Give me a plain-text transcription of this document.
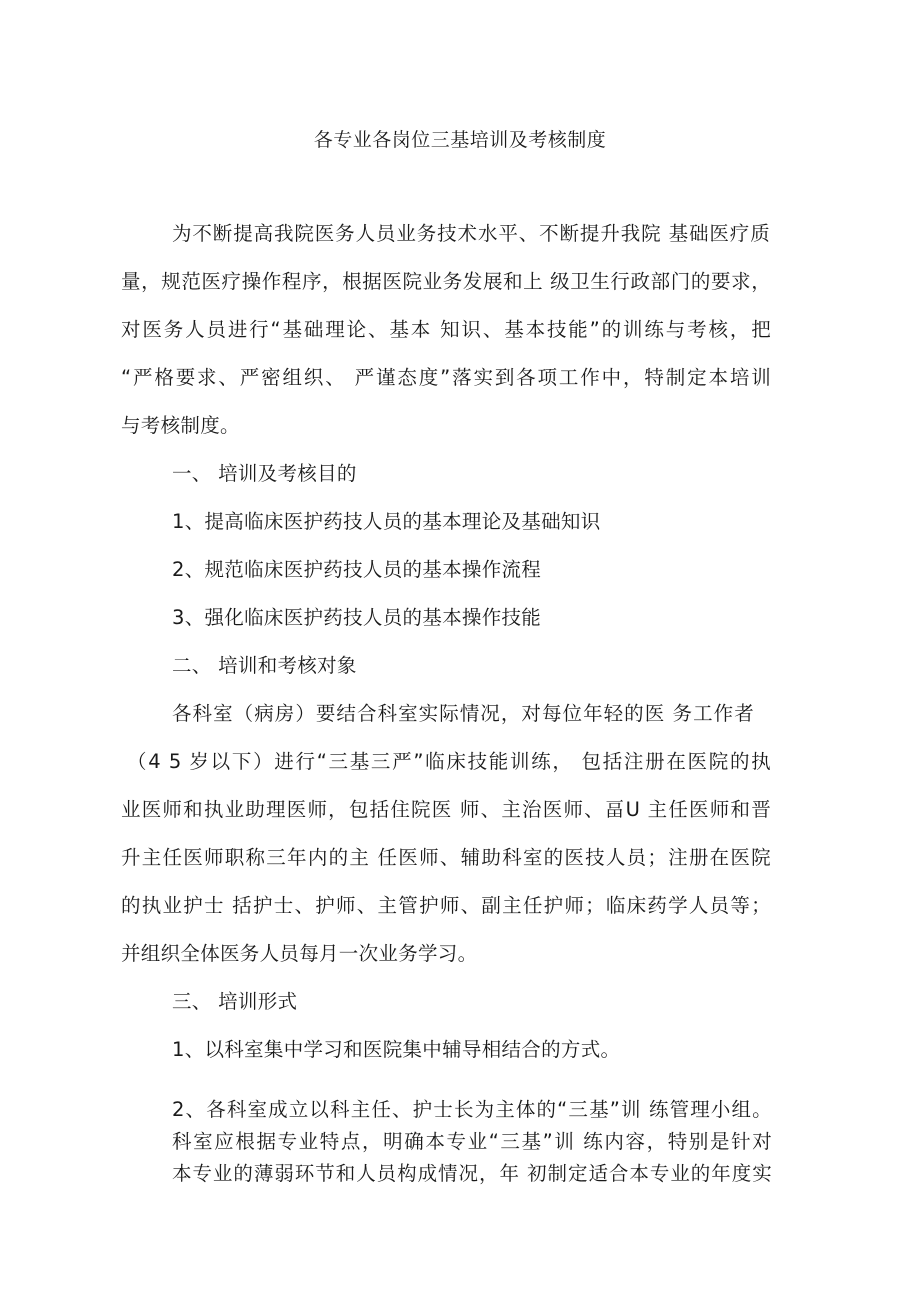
各专业各岗位三基培训及考核制度
为不断提高我院医务人员业务技术水平、不断提升我院 基础医疗质
量，规范医疗操作程序，根据医院业务发展和上 级卫生行政部门的要求，
对医务人员进行“基础理论、基本 知识、基本技能”的训练与考核，把
“严格要求、严密组织、 严谨态度”落实到各项工作中，特制定本培训
与考核制度。
一、 培训及考核目的
1、提高临床医护药技人员的基本理论及基础知识
2、规范临床医护药技人员的基本操作流程
3、强化临床医护药技人员的基本操作技能
二、 培训和考核对象
各科室（病房）要结合科室实际情况，对每位年轻的医 务工作者
（4 5 岁以下）进行“三基三严”临床技能训练， 包括注册在医院的执
业医师和执业助理医师，包括住院医 师、主治医师、畐U 主任医师和晋
升主任医师职称三年内的主 任医师、辅助科室的医技人员；注册在医院
的执业护士 括护士、护师、主管护师、副主任护师；临床药学人员等；
并组织全体医务人员每月一次业务学习。
三、 培训形式
1、以科室集中学习和医院集中辅导相结合的方式。
2、各科室成立以科主任、护士长为主体的“三基”训 练管理小组。
科室应根据专业特点，明确本专业“三基”训 练内容，特别是针对
本专业的薄弱环节和人员构成情况，年 初制定适合本专业的年度实
